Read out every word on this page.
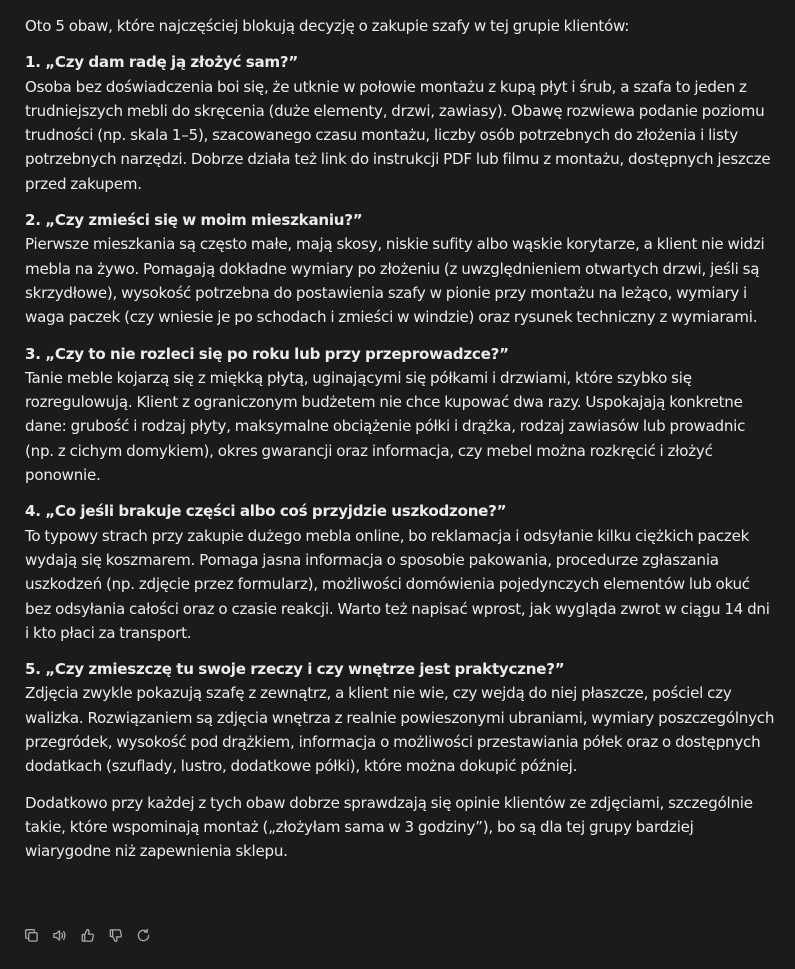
Oto 5 obaw, które najczęściej blokują decyzję o zakupie szafy w tej grupie klientów:

1. „Czy dam radę ją złożyć sam?”

Osoba bez doświadczenia boi się, że utknie w połowie montażu z kupą płyt i śrub, a szafa to jeden z trudniejszych mebli do skręcenia (duże elementy, drzwi, zawiasy). Obawę rozwiewa podanie poziomu trudności (np. skala 1–5), szacowanego czasu montażu, liczby osób potrzebnych do złożenia i listy potrzebnych narzędzi. Dobrze działa też link do instrukcji PDF lub filmu z montażu, dostępnych jeszcze przed zakupem.

2. „Czy zmieści się w moim mieszkaniu?”

Pierwsze mieszkania są często małe, mają skosy, niskie sufity albo wąskie korytarze, a klient nie widzi mebla na żywo. Pomagają dokładne wymiary po złożeniu (z uwzględnieniem otwartych drzwi, jeśli są skrzydłowe), wysokość potrzebna do postawienia szafy w pionie przy montażu na leżąco, wymiary i waga paczek (czy wniesie je po schodach i zmieści w windzie) oraz rysunek techniczny z wymiarami.

3. „Czy to nie rozleci się po roku lub przy przeprowadzce?”

Tanie meble kojarzą się z miękką płytą, uginającymi się półkami i drzwiami, które szybko się rozregulowują. Klient z ograniczonym budżetem nie chce kupować dwa razy. Uspokajają konkretne dane: grubość i rodzaj płyty, maksymalne obciążenie półki i drążka, rodzaj zawiasów lub prowadnic (np. z cichym domykiem), okres gwarancji oraz informacja, czy mebel można rozkręcić i złożyć ponownie.

4. „Co jeśli brakuje części albo coś przyjdzie uszkodzone?”

To typowy strach przy zakupie dużego mebla online, bo reklamacja i odsyłanie kilku ciężkich paczek wydają się koszmarem. Pomaga jasna informacja o sposobie pakowania, procedurze zgłaszania uszkodzeń (np. zdjęcie przez formularz), możliwości domówienia pojedynczych elementów lub okuć bez odsyłania całości oraz o czasie reakcji. Warto też napisać wprost, jak wygląda zwrot w ciągu 14 dni i kto płaci za transport.

5. „Czy zmieszczę tu swoje rzeczy i czy wnętrze jest praktyczne?”

Zdjęcia zwykle pokazują szafę z zewnątrz, a klient nie wie, czy wejdą do niej płaszcze, pościel czy walizka. Rozwiązaniem są zdjęcia wnętrza z realnie powieszonymi ubraniami, wymiary poszczególnych przegródek, wysokość pod drążkiem, informacja o możliwości przestawiania półek oraz o dostępnych dodatkach (szuflady, lustro, dodatkowe półki), które można dokupić później.

Dodatkowo przy każdej z tych obaw dobrze sprawdzają się opinie klientów ze zdjęciami, szczególnie takie, które wspominają montaż („złożyłam sama w 3 godziny”), bo są dla tej grupy bardziej wiarygodne niż zapewnienia sklepu.
